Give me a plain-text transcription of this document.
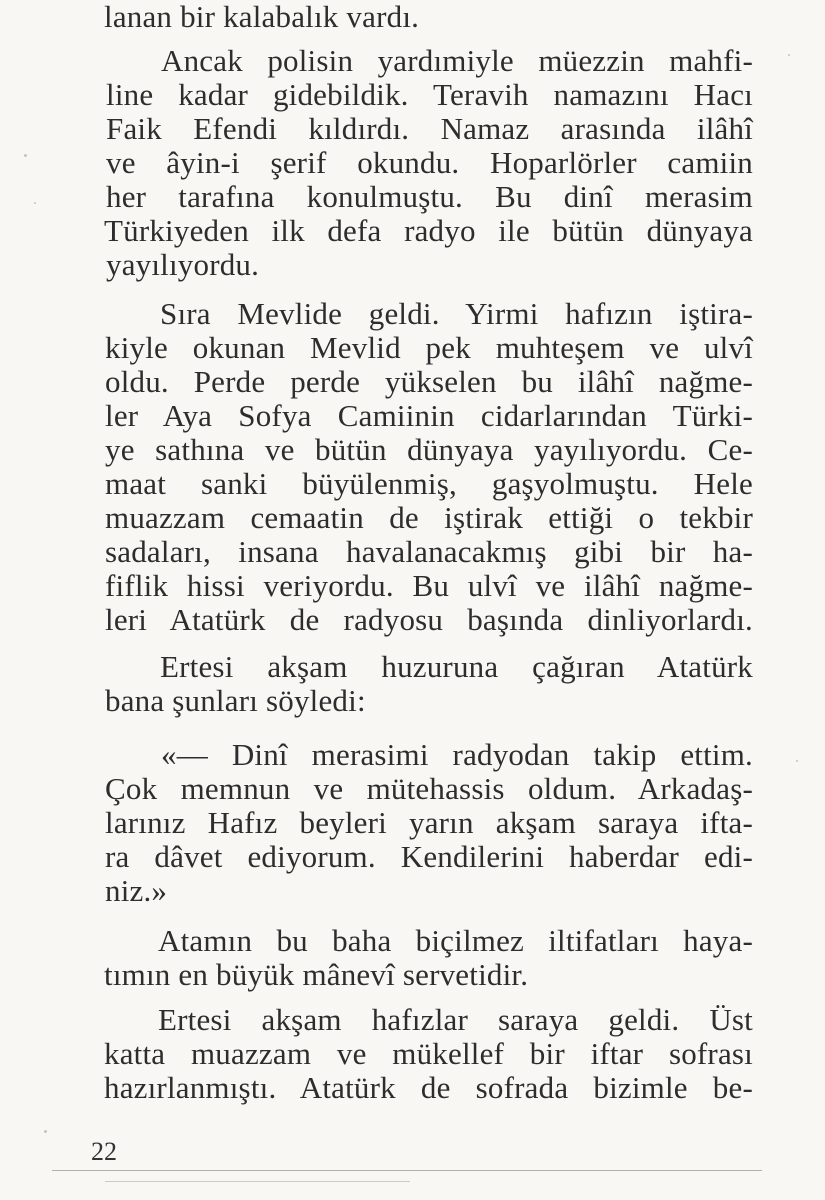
lanan bir kalabalık vardı.
Ancak polisin yardımiyle müezzin mahfi-
line kadar gidebildik. Teravih namazını Hacı
Faik Efendi kıldırdı. Namaz arasında ilâhî
ve âyin-i şerif okundu. Hoparlörler camiin
her tarafına konulmuştu. Bu dinî merasim
Türkiyeden ilk defa radyo ile bütün dünyaya
yayılıyordu.
Sıra Mevlide geldi. Yirmi hafızın iştira-
kiyle okunan Mevlid pek muhteşem ve ulvî
oldu. Perde perde yükselen bu ilâhî nağme-
ler Aya Sofya Camiinin cidarlarından Türki-
ye sathına ve bütün dünyaya yayılıyordu. Ce-
maat sanki büyülenmiş, gaşyolmuştu. Hele
muazzam cemaatin de iştirak ettiği o tekbir
sadaları, insana havalanacakmış gibi bir ha-
fiflik hissi veriyordu. Bu ulvî ve ilâhî nağme-
leri Atatürk de radyosu başında dinliyorlardı.
Ertesi akşam huzuruna çağıran Atatürk
bana şunları söyledi:
«— Dinî merasimi radyodan takip ettim.
Çok memnun ve mütehassis oldum. Arkadaş-
larınız Hafız beyleri yarın akşam saraya ifta-
ra dâvet ediyorum. Kendilerini haberdar edi-
niz.»
Atamın bu baha biçilmez iltifatları haya-
tımın en büyük mânevî servetidir.
Ertesi akşam hafızlar saraya geldi. Üst
katta muazzam ve mükellef bir iftar sofrası
hazırlanmıştı. Atatürk de sofrada bizimle be-
22
